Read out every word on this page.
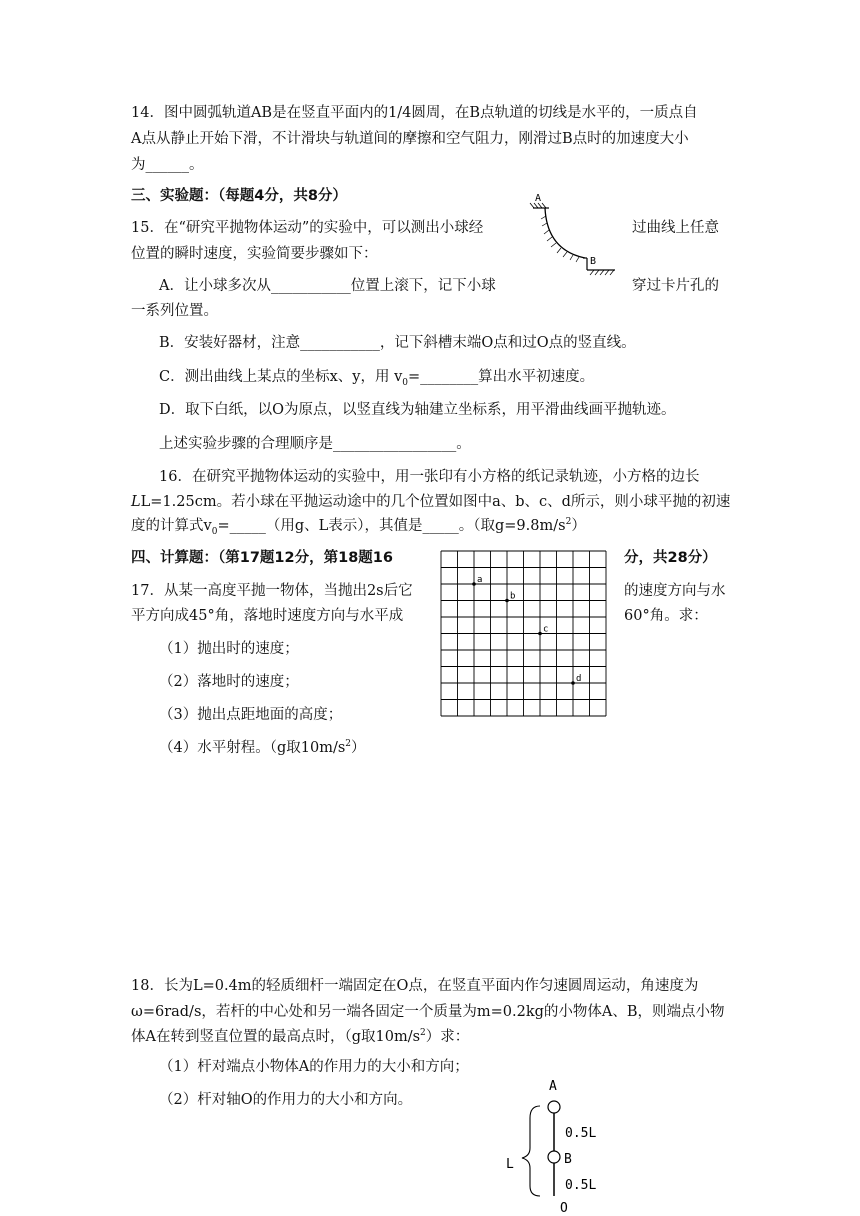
14．图中圆弧轨道AB是在竖直平面内的1/4圆周，在B点轨道的切线是水平的，一质点自
A点从静止开始下滑，不计滑块与轨道间的摩擦和空气阻力，刚滑过B点时的加速度大小
为______。
三、实验题：（每题4分，共8分）
15．在“研究平抛物体运动”的实验中，可以测出小球经	过曲线上任意
位置的瞬时速度，实验简要步骤如下：
A．让小球多次从___________位置上滚下，记下小球	穿过卡片孔的
一系列位置。
B．安装好器材，注意___________，记下斜槽末端O点和过O点的竖直线。
C．测出曲线上某点的坐标x、y，用 $v_0=\_\_\_\_\_\_\_\_$算出水平初速度。
D．取下白纸，以O为原点，以竖直线为轴建立坐标系，用平滑曲线画平抛轨迹。
上述实验步骤的合理顺序是_________________。
A
B
16．在研究平抛物体运动的实验中，用一张印有小方格的纸记录轨迹，小方格的边长
LL=1.25cm。若小球在平抛运动途中的几个位置如图中a、b、c、d所示，则小球平抛的初速
度的计算式$v_0=\_\_\_\_\_$（用g、L表示），其值是_____。（取$g=9.8m/s^2$）
四、计算题：（第17题12分，第18题16	分，共28分）
a
b
c
d
17．从某一高度平抛一物体，当抛出2s后它	的速度方向与水
平方向成45°角，落地时速度方向与水平成	60°角。求：
（1）抛出时的速度；
（2）落地时的速度；
（3）抛出点距地面的高度；
（4）水平射程。（g取$10m/s^2$）
18．长为L=0.4m的轻质细杆一端固定在O点，在竖直平面内作匀速圆周运动，角速度为
ω=6rad/s，若杆的中心处和另一端各固定一个质量为m=0.2kg的小物体A、B，则端点小物
体A在转到竖直位置的最高点时，（g取$10m/s^2$）求：
（1）杆对端点小物体A的作用力的大小和方向；
（2）杆对轴O的作用力的大小和方向。
A
0.5L
B
0.5L
O
L
